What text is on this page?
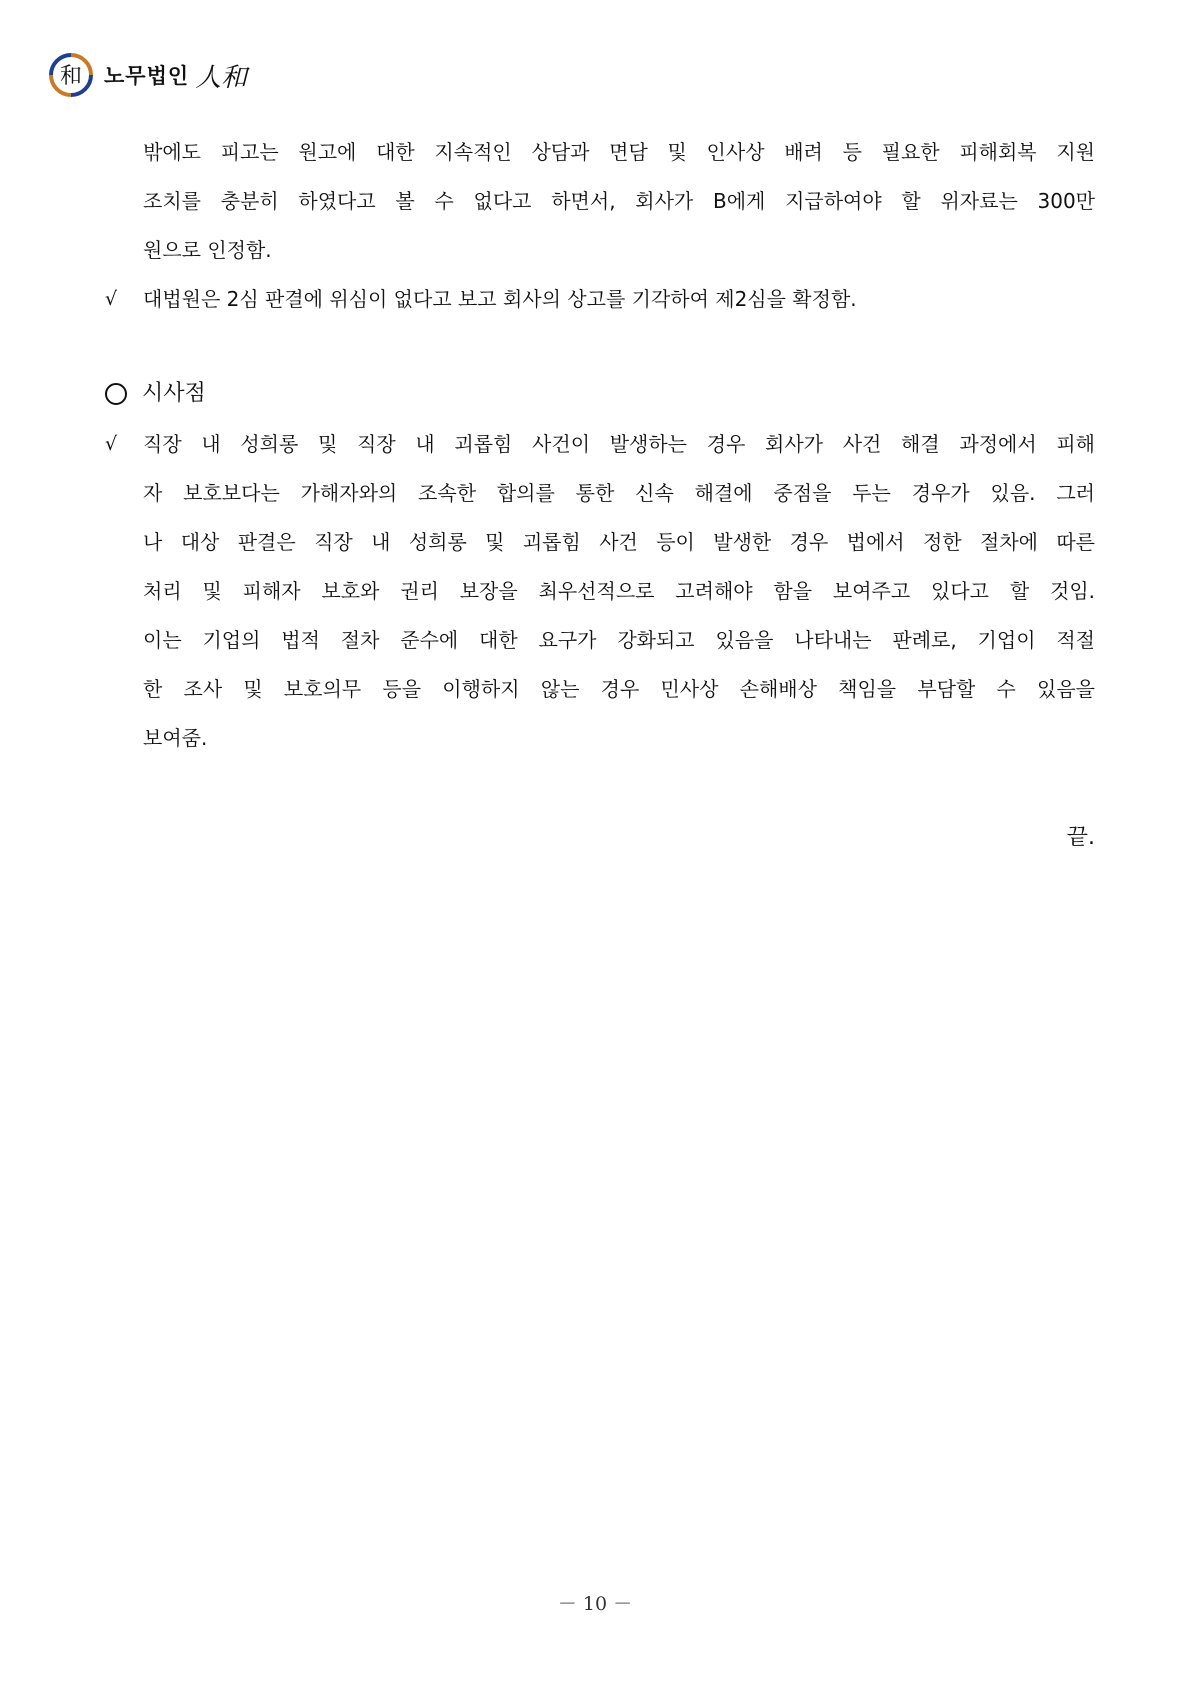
和 노무법인 人和
밖에도 피고는 원고에 대한 지속적인 상담과 면담 및 인사상 배려 등 필요한 피해회복 지원
조치를 충분히 하였다고 볼 수 없다고 하면서, 회사가 B에게 지급하여야 할 위자료는 300만
원으로 인정함.
√	대법원은 2심 판결에 위심이 없다고 보고 회사의 상고를 기각하여 제2심을 확정함.
시사점
√	직장 내 성희롱 및 직장 내 괴롭힘 사건이 발생하는 경우 회사가 사건 해결 과정에서 피해
자 보호보다는 가해자와의 조속한 합의를 통한 신속 해결에 중점을 두는 경우가 있음. 그러
나 대상 판결은 직장 내 성희롱 및 괴롭힘 사건 등이 발생한 경우 법에서 정한 절차에 따른
처리 및 피해자 보호와 권리 보장을 최우선적으로 고려해야 함을 보여주고 있다고 할 것임.
이는 기업의 법적 절차 준수에 대한 요구가 강화되고 있음을 나타내는 판례로, 기업이 적절
한 조사 및 보호의무 등을 이행하지 않는 경우 민사상 손해배상 책임을 부담할 수 있음을
보여줌.
끝.
－ 10 －
